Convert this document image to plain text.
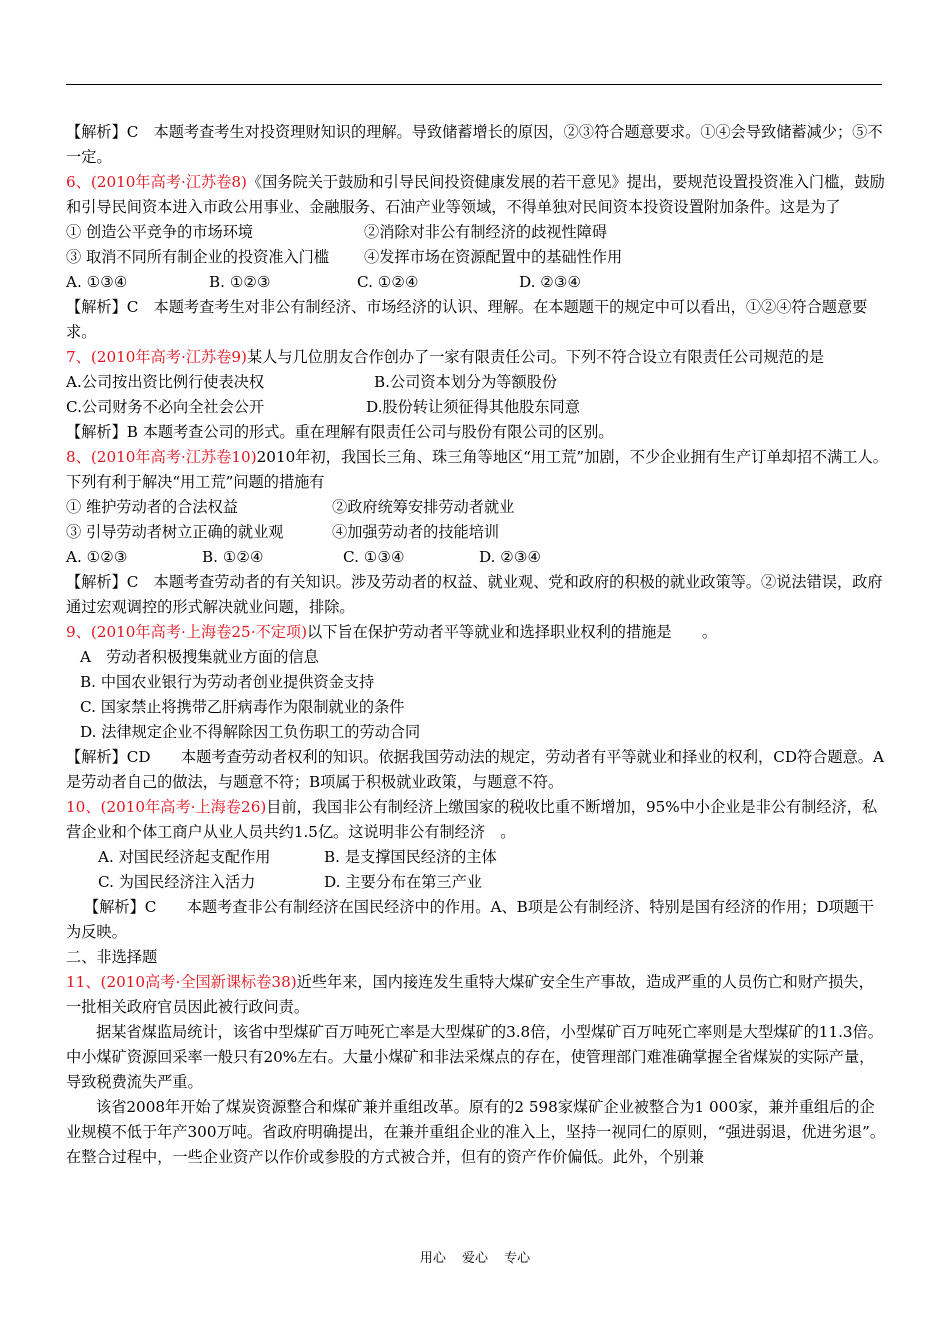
【解析】C　本题考查考生对投资理财知识的理解。导致储蓄增长的原因，②③符合题意要求。①④会导致储蓄减少；⑤不一定。

6、(2010年高考·江苏卷8)《国务院关于鼓励和引导民间投资健康发展的若干意见》提出，要规范设置投资准入门槛，鼓励和引导民间资本进入市政公用事业、金融服务、石油产业等领域，不得单独对民间资本投资设置附加条件。这是为了

① 创造公平竞争的市场环境	②消除对非公有制经济的歧视性障碍

③ 取消不同所有制企业的投资准入门槛 ④发挥市场在资源配置中的基础性作用

A. ①③④	B. ①②③	C. ①②④	D. ②③④

【解析】C　本题考查考生对非公有制经济、市场经济的认识、理解。在本题题干的规定中可以看出，①②④符合题意要求。

7、(2010年高考·江苏卷9)某人与几位朋友合作创办了一家有限责任公司。下列不符合设立有限责任公司规范的是

A.公司按出资比例行使表决权	B.公司资本划分为等额股份

C.公司财务不必向全社会公开	D.股份转让须征得其他股东同意

【解析】B 本题考查公司的形式。重在理解有限责任公司与股份有限公司的区别。

8、(2010年高考·江苏卷10)2010年初，我国长三角、珠三角等地区“用工荒”加剧，不少企业拥有生产订单却招不满工人。下列有利于解决“用工荒”问题的措施有

① 维护劳动者的合法权益	②政府统筹安排劳动者就业

③ 引导劳动者树立正确的就业观	④加强劳动者的技能培训

A. ①②③	B. ①②④	C. ①③④	D. ②③④

【解析】C　本题考查劳动者的有关知识。涉及劳动者的权益、就业观、党和政府的积极的就业政策等。②说法错误，政府通过宏观调控的形式解决就业问题，排除。

9、(2010年高考·上海卷25·不定项)以下旨在保护劳动者平等就业和选择职业权利的措施是　　。

A　劳动者积极搜集就业方面的信息

B. 中国农业银行为劳动者创业提供资金支持

C. 国家禁止将携带乙肝病毒作为限制就业的条件

D. 法律规定企业不得解除因工负伤职工的劳动合同

【解析】CD　　本题考查劳动者权利的知识。依据我国劳动法的规定，劳动者有平等就业和择业的权利，CD符合题意。A是劳动者自己的做法，与题意不符；B项属于积极就业政策，与题意不符。

10、(2010年高考·上海卷26)目前，我国非公有制经济上缴国家的税收比重不断增加，95%中小企业是非公有制经济，私营企业和个体工商户从业人员共约1.5亿。这说明非公有制经济　。

A. 对国民经济起支配作用	B. 是支撑国民经济的主体

C. 为国民经济注入活力	D. 主要分布在第三产业

【解析】C　　本题考查非公有制经济在国民经济中的作用。A、B项是公有制经济、特别是国有经济的作用；D项题干为反映。

二、非选择题

11、(2010高考·全国新课标卷38)近些年来，国内接连发生重特大煤矿安全生产事故，造成严重的人员伤亡和财产损失，一批相关政府官员因此被行政问责。

据某省煤监局统计，该省中型煤矿百万吨死亡率是大型煤矿的3.8倍，小型煤矿百万吨死亡率则是大型煤矿的11.3倍。中小煤矿资源回采率一般只有20%左右。大量小煤矿和非法采煤点的存在，使管理部门难准确掌握全省煤炭的实际产量，导致税费流失严重。

该省2008年开始了煤炭资源整合和煤矿兼并重组改革。原有的2 598家煤矿企业被整合为1 000家，兼并重组后的企业规模不低于年产300万吨。省政府明确提出，在兼并重组企业的准入上，坚持一视同仁的原则，“强进弱退，优进劣退”。在整合过程中，一些企业资产以作价或参股的方式被合并，但有的资产作价偏低。此外，个别兼

用心 爱心 专心
